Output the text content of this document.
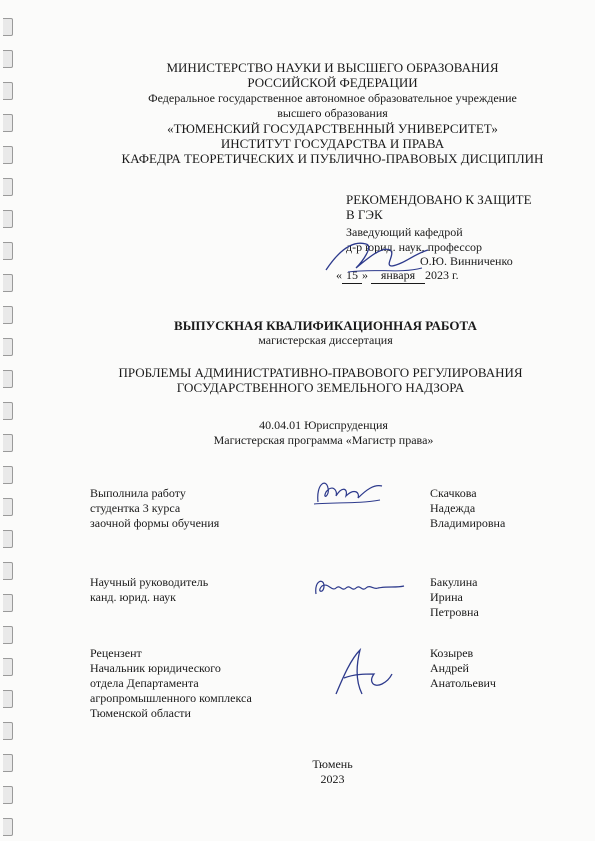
МИНИСТЕРСТВО НАУКИ И ВЫСШЕГО ОБРАЗОВАНИЯ
РОССИЙСКОЙ ФЕДЕРАЦИИ
Федеральное государственное автономное образовательное учреждение
высшего образования
«ТЮМЕНСКИЙ ГОСУДАРСТВЕННЫЙ УНИВЕРСИТЕТ»
ИНСТИТУТ ГОСУДАРСТВА И ПРАВА
КАФЕДРА ТЕОРЕТИЧЕСКИХ И ПУБЛИЧНО-ПРАВОВЫХ ДИСЦИПЛИН
РЕКОМЕНДОВАНО К ЗАЩИТЕ
В ГЭК
Заведующий кафедрой
д-р юрид. наук, профессор
О.Ю. Винниченко
« 15 » января 2023 г.
ВЫПУСКНАЯ КВАЛИФИКАЦИОННАЯ РАБОТА
магистерская диссертация
ПРОБЛЕМЫ АДМИНИСТРАТИВНО-ПРАВОВОГО РЕГУЛИРОВАНИЯ
ГОСУДАРСТВЕННОГО ЗЕМЕЛЬНОГО НАДЗОРА
40.04.01 Юриспруденция
Магистерская программа «Магистр права»
Выполнила работу
студентка 3 курса
заочной формы обучения
Скачкова
Надежда
Владимировна
Научный руководитель
канд. юрид. наук
Бакулина
Ирина
Петровна
Рецензент
Начальник юридического
отдела Департамента
агропромышленного комплекса
Тюменской области
Козырев
Андрей
Анатольевич
Тюмень
2023
